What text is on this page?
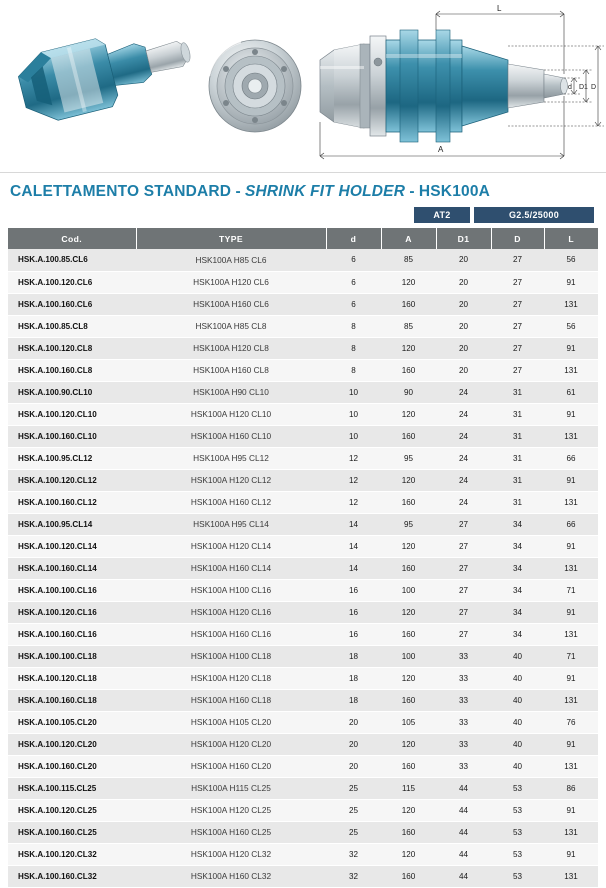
L
d D1 D
A
CALETTAMENTO STANDARD - SHRINK FIT HOLDER - HSK100A
AT2	G2.5/25000
Cod.	TYPE	d	A	D1	D	L
HSK.A.100.85.CL6	HSK100A H85 CL6	6	85	20	27	56
HSK.A.100.120.CL6	HSK100A H120 CL6	6	120	20	27	91
HSK.A.100.160.CL6	HSK100A H160 CL6	6	160	20	27	131
HSK.A.100.85.CL8	HSK100A H85 CL8	8	85	20	27	56
HSK.A.100.120.CL8	HSK100A H120 CL8	8	120	20	27	91
HSK.A.100.160.CL8	HSK100A H160 CL8	8	160	20	27	131
HSK.A.100.90.CL10	HSK100A H90 CL10	10	90	24	31	61
HSK.A.100.120.CL10	HSK100A H120 CL10	10	120	24	31	91
HSK.A.100.160.CL10	HSK100A H160 CL10	10	160	24	31	131
HSK.A.100.95.CL12	HSK100A H95 CL12	12	95	24	31	66
HSK.A.100.120.CL12	HSK100A H120 CL12	12	120	24	31	91
HSK.A.100.160.CL12	HSK100A H160 CL12	12	160	24	31	131
HSK.A.100.95.CL14	HSK100A H95 CL14	14	95	27	34	66
HSK.A.100.120.CL14	HSK100A H120 CL14	14	120	27	34	91
HSK.A.100.160.CL14	HSK100A H160 CL14	14	160	27	34	131
HSK.A.100.100.CL16	HSK100A H100 CL16	16	100	27	34	71
HSK.A.100.120.CL16	HSK100A H120 CL16	16	120	27	34	91
HSK.A.100.160.CL16	HSK100A H160 CL16	16	160	27	34	131
HSK.A.100.100.CL18	HSK100A H100 CL18	18	100	33	40	71
HSK.A.100.120.CL18	HSK100A H120 CL18	18	120	33	40	91
HSK.A.100.160.CL18	HSK100A H160 CL18	18	160	33	40	131
HSK.A.100.105.CL20	HSK100A H105 CL20	20	105	33	40	76
HSK.A.100.120.CL20	HSK100A H120 CL20	20	120	33	40	91
HSK.A.100.160.CL20	HSK100A H160 CL20	20	160	33	40	131
HSK.A.100.115.CL25	HSK100A H115 CL25	25	115	44	53	86
HSK.A.100.120.CL25	HSK100A H120 CL25	25	120	44	53	91
HSK.A.100.160.CL25	HSK100A H160 CL25	25	160	44	53	131
HSK.A.100.120.CL32	HSK100A H120 CL32	32	120	44	53	91
HSK.A.100.160.CL32	HSK100A H160 CL32	32	160	44	53	131
